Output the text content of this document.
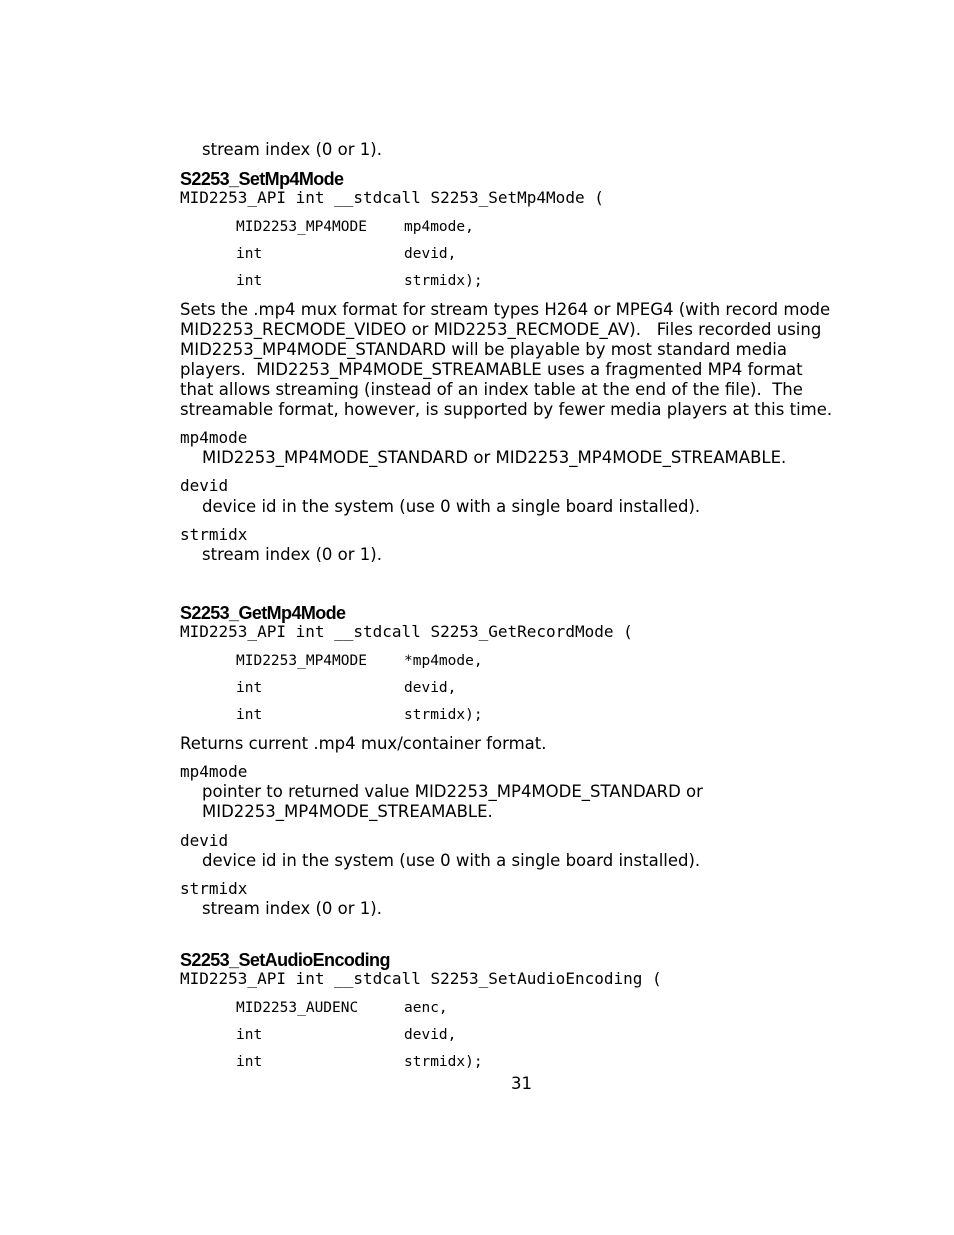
stream index (0 or 1).
S2253_SetMp4Mode
MID2253_API int __stdcall S2253_SetMp4Mode (
MID2253_MP4MODE	mp4mode,
int	devid,
int	strmidx);
Sets the .mp4 mux format for stream types H264 or MPEG4 (with record mode
MID2253_RECMODE_VIDEO or MID2253_RECMODE_AV).   Files recorded using
MID2253_MP4MODE_STANDARD will be playable by most standard media
players.  MID2253_MP4MODE_STREAMABLE uses a fragmented MP4 format
that allows streaming (instead of an index table at the end of the file).  The
streamable format, however, is supported by fewer media players at this time.
mp4mode
MID2253_MP4MODE_STANDARD or MID2253_MP4MODE_STREAMABLE.
devid
device id in the system (use 0 with a single board installed).
strmidx
stream index (0 or 1).
S2253_GetMp4Mode
MID2253_API int __stdcall S2253_GetRecordMode (
MID2253_MP4MODE	*mp4mode,
int	devid,
int	strmidx);
Returns current .mp4 mux/container format.
mp4mode
pointer to returned value MID2253_MP4MODE_STANDARD or
MID2253_MP4MODE_STREAMABLE.
devid
device id in the system (use 0 with a single board installed).
strmidx
stream index (0 or 1).
S2253_SetAudioEncoding
MID2253_API int __stdcall S2253_SetAudioEncoding (
MID2253_AUDENC	aenc,
int	devid,
int	strmidx);
31
